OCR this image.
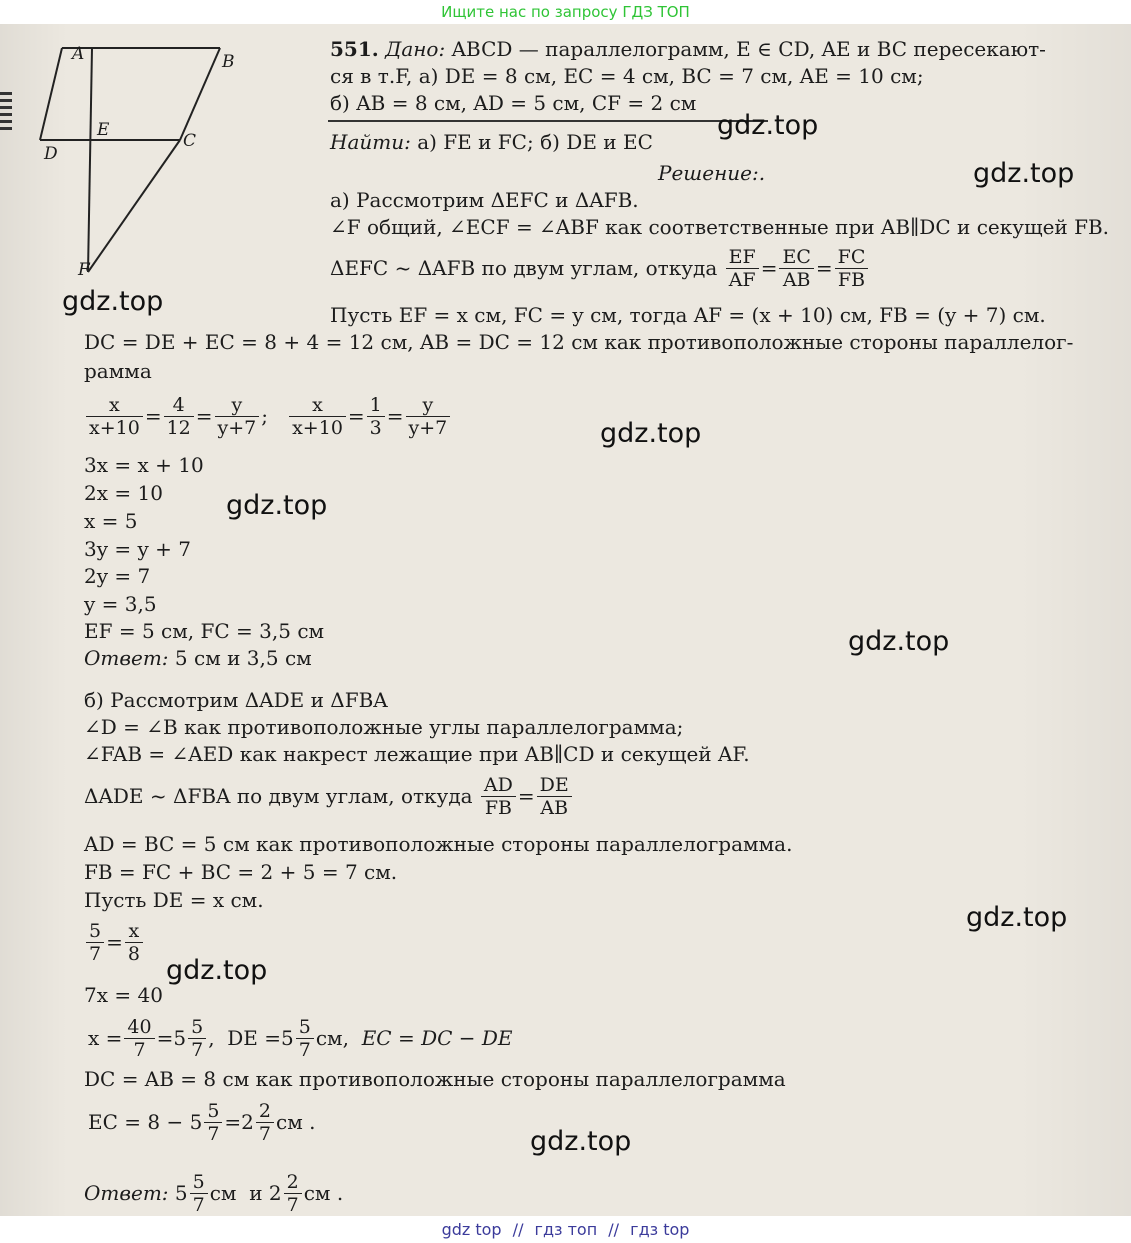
Ищите нас по запросу ГДЗ ТОП
A	B
C
D
E
F
551. Дано: ABCD — параллелограмм, E ∈ CD, AE и BC пересекают-
ся в т.F, а) DE = 8 см, EC = 4 см, BC = 7 см, AE = 10 см;
б) AB = 8 см, AD = 5 см, CF = 2 см
Найти: а) FE и FC; б) DE и EC
Решение:.
а) Рассмотрим ΔEFC и ΔAFB.
∠F общий, ∠ECF = ∠ABF как соответственные при AB∥DC и секущей FB.
ΔEFC ~ ΔAFB по двум углам, откуда
$\frac{EF}{AF} = \frac{EC}{AB} = \frac{FC}{FB}$
Пусть EF = x см, FC = y см, тогда AF = (x + 10) см, FB = (y + 7) см.
DC = DE + EC = 8 + 4 = 12 см, AB = DC = 12 см как противоположные стороны параллелог-
рамма
$\frac{x}{x+10} = \frac{4}{12} = \frac{y}{y+7}$ ; $\frac{x}{x+10} = \frac{1}{3} = \frac{y}{y+7}$
3x = x + 10
2x = 10
x = 5
3y = y + 7
2y = 7
y = 3,5
EF = 5 см, FC = 3,5 см
Ответ: 5 см и 3,5 см
б) Рассмотрим ΔADE и ΔFBA
∠D = ∠B как противоположные углы параллелограмма;
∠FAB = ∠AED как накрест лежащие при AB∥CD и секущей AF.
ΔADE ~ ΔFBA по двум углам, откуда
$\frac{AD}{FB} = \frac{DE}{AB}$
AD = BC = 5 см как противоположные стороны параллелограмма.
FB = FC + BC = 2 + 5 = 7 см.
Пусть DE = x см.
$\frac{5}{7} = \frac{x}{8}$
7x = 40
$x = \frac{40}{7} = 5 \frac{5}{7}$ , DE = $5 \frac{5}{7}$ см,
EC = DC − DE
DC = AB = 8 см как противоположные стороны параллелограмма
EC = 8 −
$5 \frac{5}{7} = 2 \frac{2}{7}$ см .
Ответ:
$5 \frac{5}{7}$ см  и
$2 \frac{2}{7}$ см .
gdz.top
gdz.top
gdz.top
gdz.top
gdz.top
gdz.top
gdz.top
gdz.top
gdz.top
gdz top // гдз топ // гдз top
